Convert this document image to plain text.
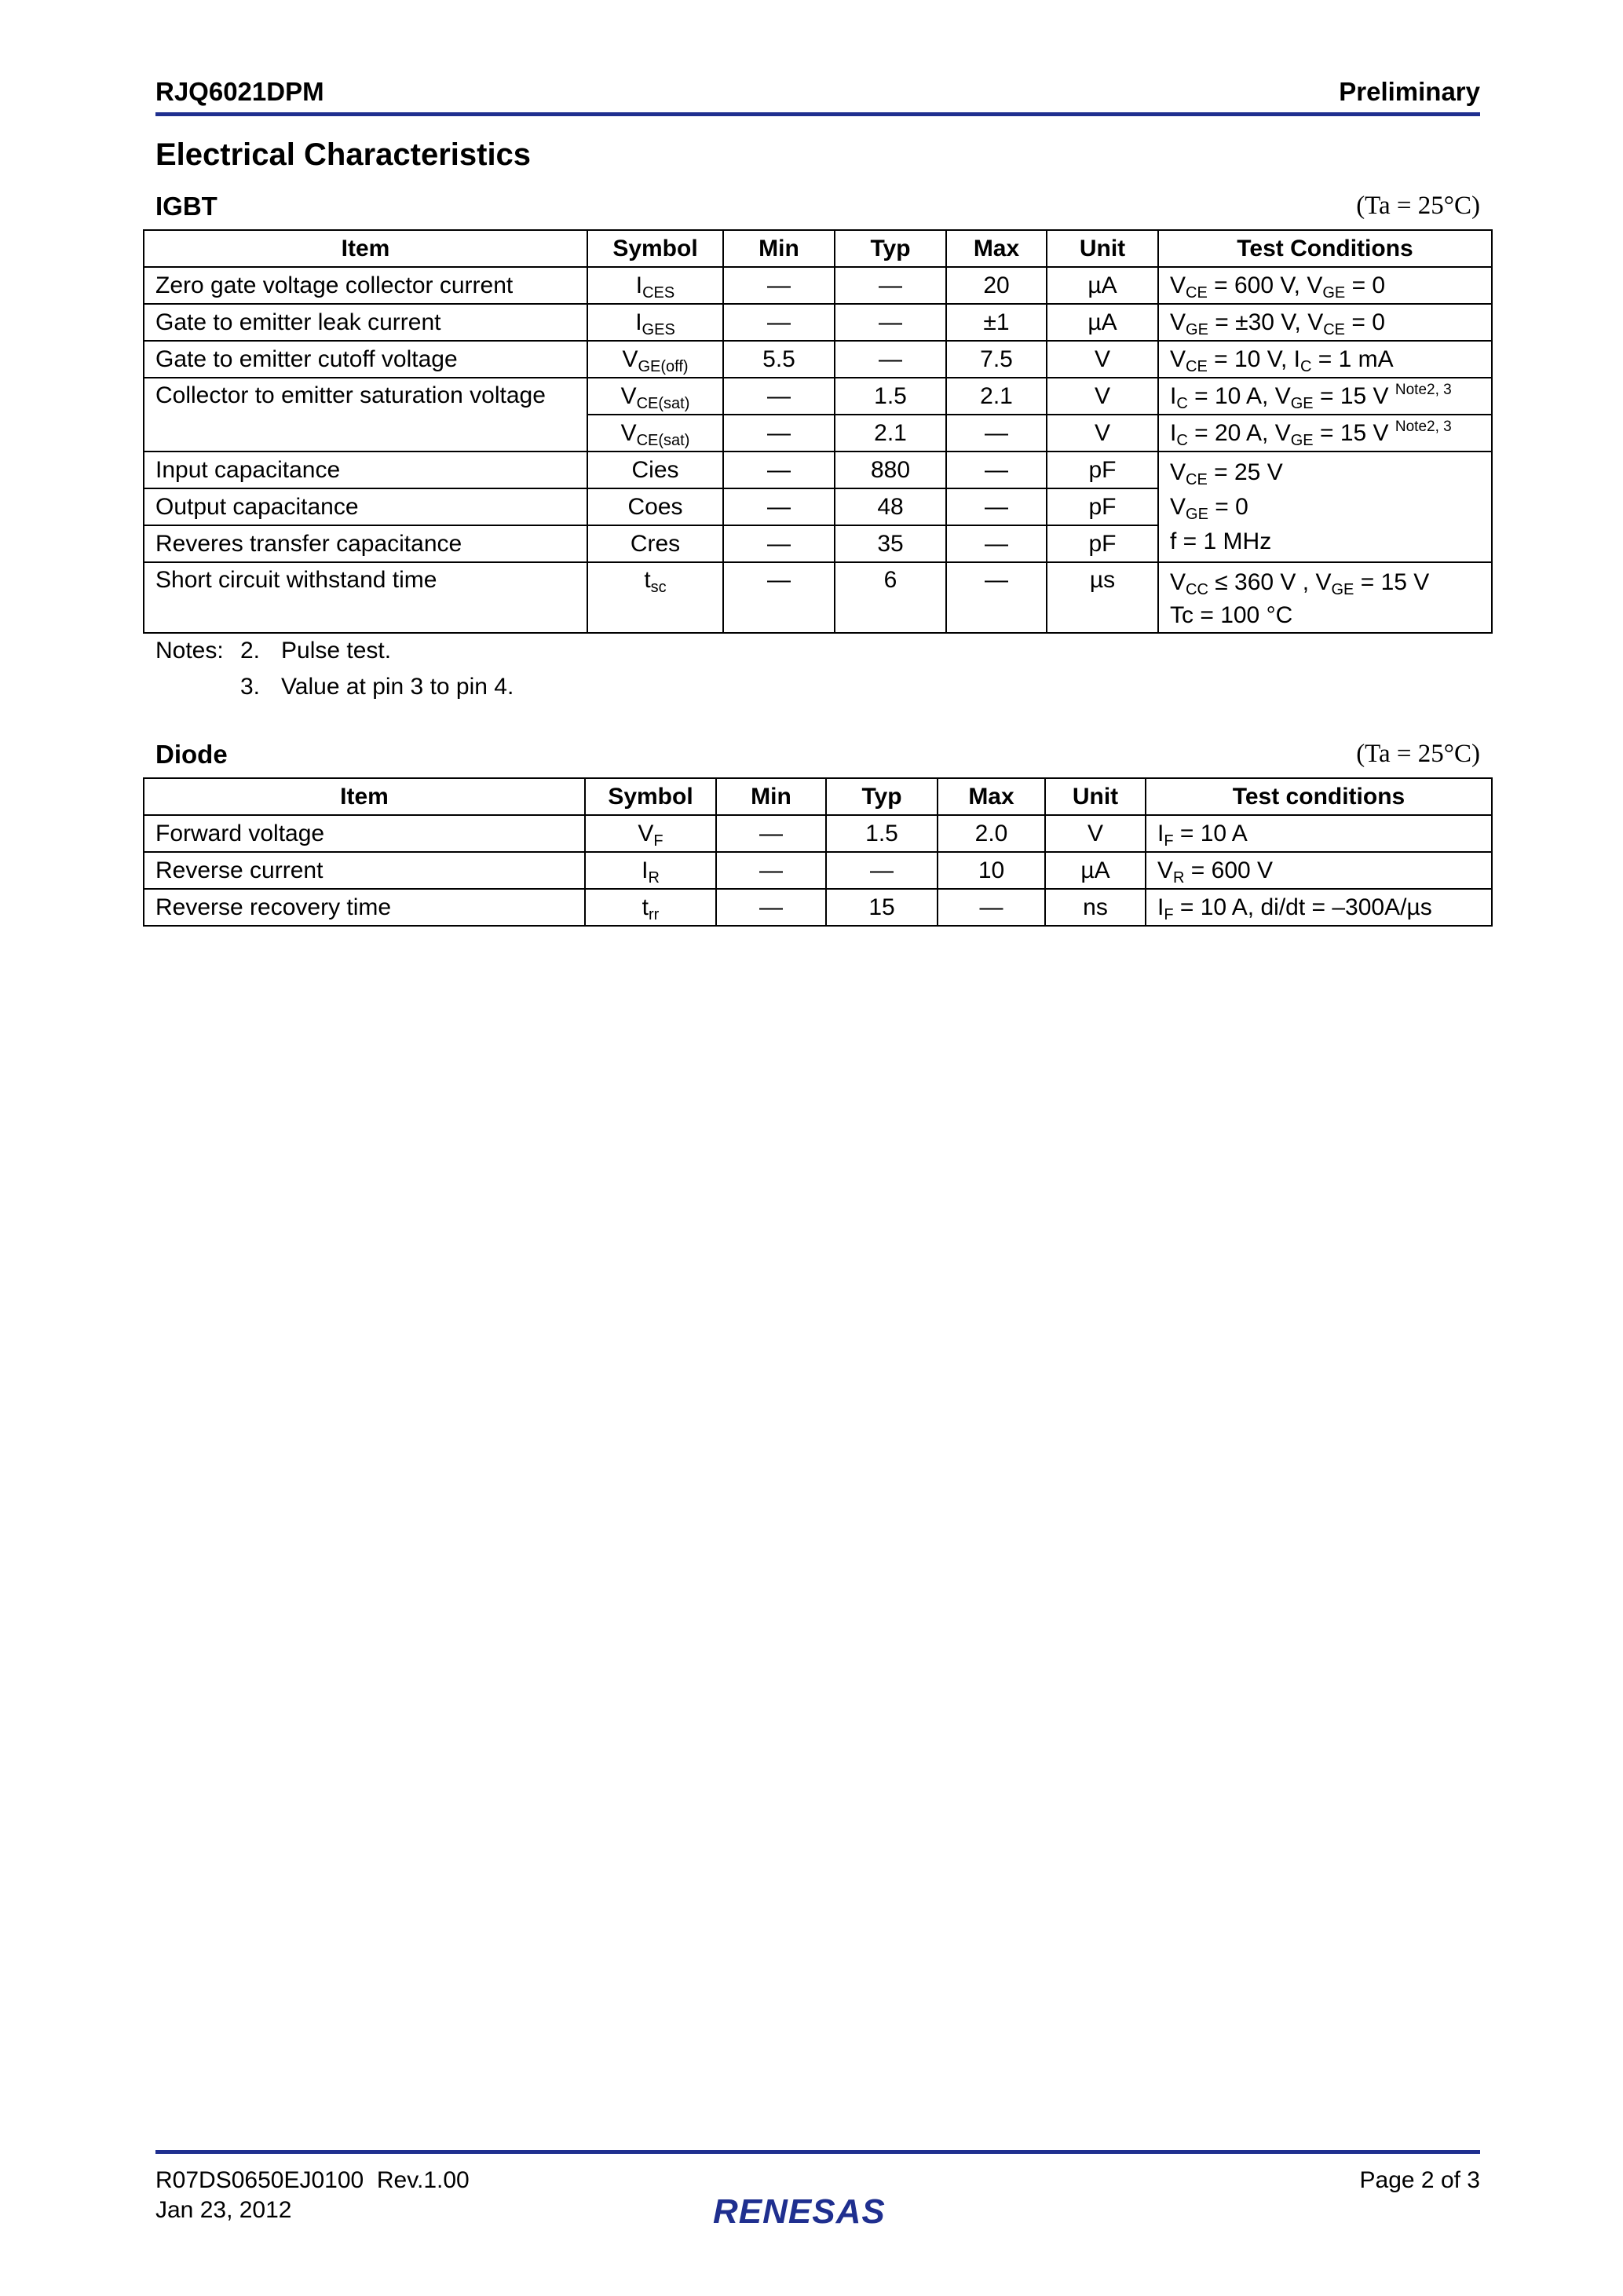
RJQ6021DPM	Preliminary
Electrical Characteristics
IGBT	(Ta = 25°C)
Item	Symbol	Min	Typ	Max	Unit	Test Conditions
Zero gate voltage collector current	$I_{CES}$	—	—	20	µA	$V_{CE} = 600$ V, $V_{GE} = 0$
Gate to emitter leak current	$I_{GES}$	—	—	±1	µA	$V_{GE} = \pm 30$ V, $V_{CE} = 0$
Gate to emitter cutoff voltage	$V_{GE(off)}$	5.5	—	7.5	V	$V_{CE} = 10$ V, $I_C = 1$ mA
Collector to emitter saturation voltage	$V_{CE(sat)}$	—	1.5	2.1	V	$I_C = 10$ A, $V_{GE} = 15$ V $^{Note2, 3}$
	$V_{CE(sat)}$	—	2.1	—	V	$I_C = 20$ A, $V_{GE} = 15$ V $^{Note2, 3}$
Input capacitance	Cies	—	880	—	pF	$V_{CE} = 25$ V
$V_{GE} = 0$
f = 1 MHz

Output capacitance	Coes	—	48	—	pF	
Reveres transfer capacitance	Cres	—	35	—	pF	
Short circuit withstand time	$t_{sc}$	—	6	—	µs	$V_{CC} \le 360$ V , $V_{GE} = 15$ V
Tc = 100 °C
Notes: 2. Pulse test.
3. Value at pin 3 to pin 4.
Diode	(Ta = 25°C)
Item	Symbol	Min	Typ	Max	Unit	Test conditions
Forward voltage	$V_F$	—	1.5	2.0	V	$I_F = 10$ A
Reverse current	$I_R$	—	—	10	µA	$V_R = 600$ V
Reverse recovery time	$t_{rr}$	—	15	—	ns	$I_F = 10$ A, di/dt = –300A/µs
R07DS0650EJ0100 Rev.1.00
Jan 23, 2012
Page 2 of 3
RENESAS
